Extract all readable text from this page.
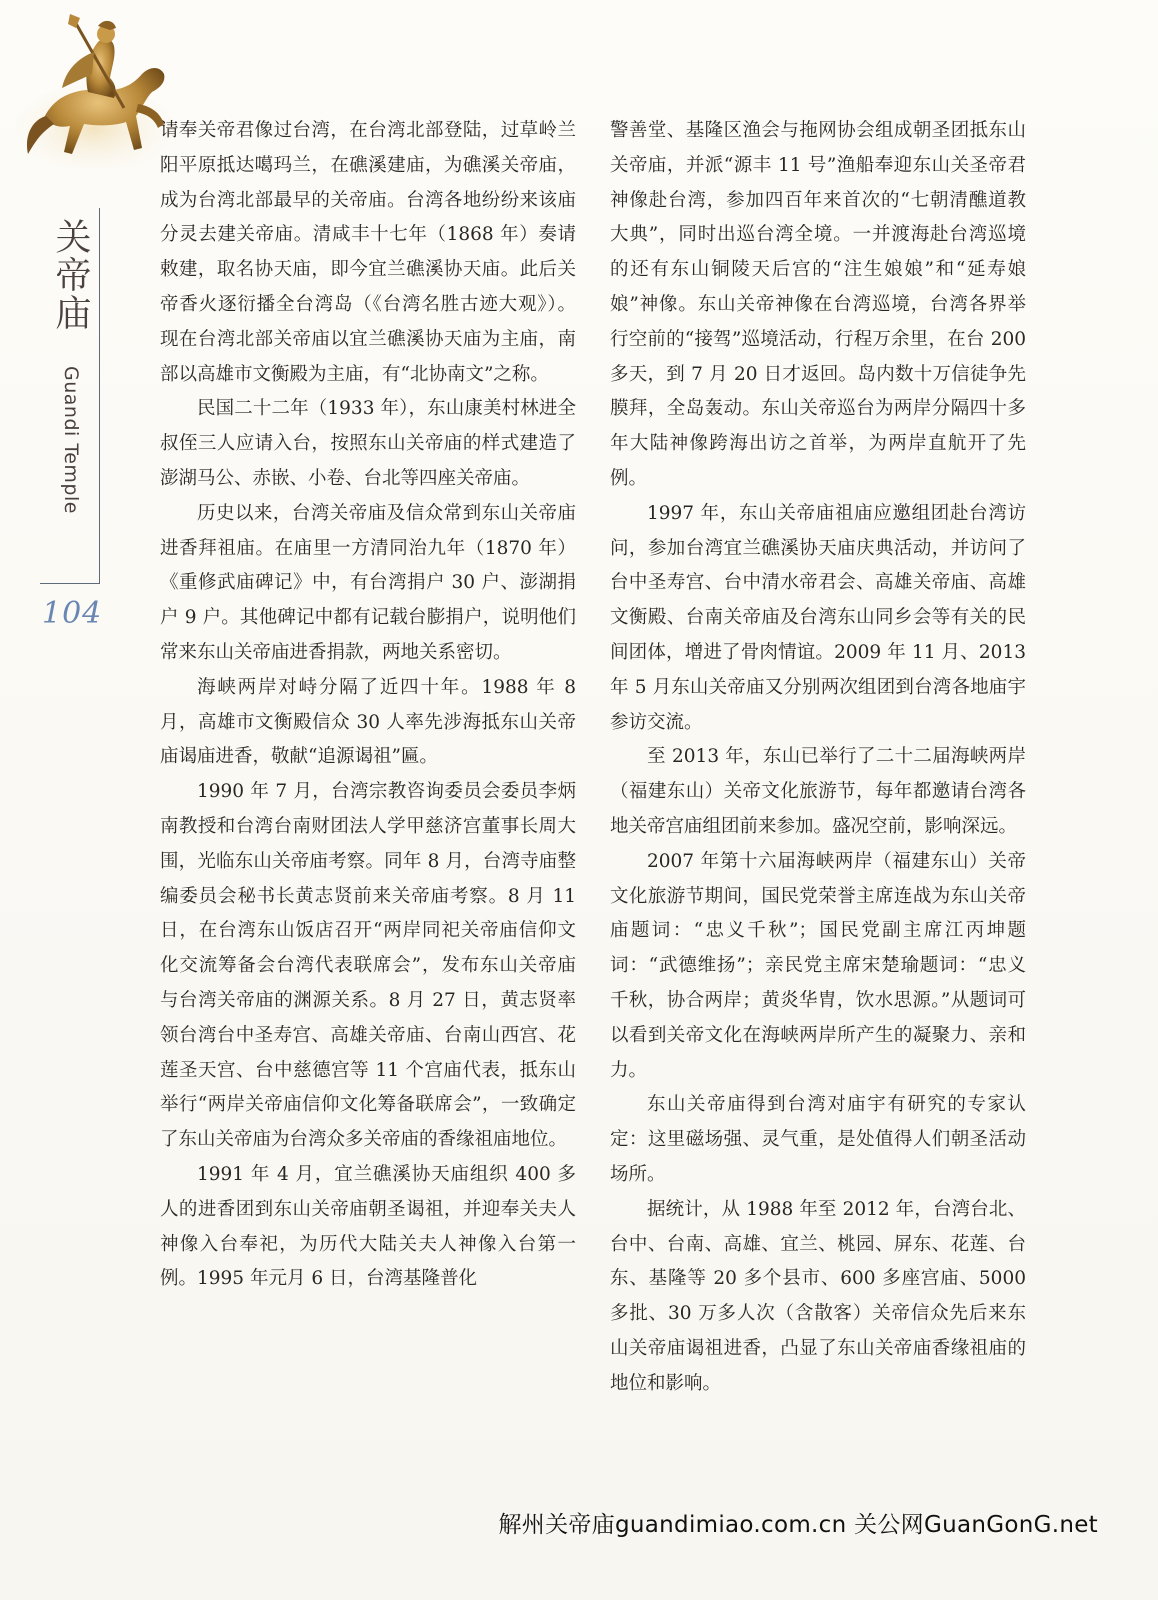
关帝庙
Guandi Temple
104

请奉关帝君像过台湾，在台湾北部登陆，过草岭兰阳平原抵达噶玛兰，在礁溪建庙，为礁溪关帝庙，成为台湾北部最早的关帝庙。台湾各地纷纷来该庙分灵去建关帝庙。清咸丰十七年（1868 年）奏请敕建，取名协天庙，即今宜兰礁溪协天庙。此后关帝香火逐衍播全台湾岛（《台湾名胜古迹大观》）。现在台湾北部关帝庙以宜兰礁溪协天庙为主庙，南部以高雄市文衡殿为主庙，有“北协南文”之称。

民国二十二年（1933 年），东山康美村林进全叔侄三人应请入台，按照东山关帝庙的样式建造了澎湖马公、赤嵌、小卷、台北等四座关帝庙。

历史以来，台湾关帝庙及信众常到东山关帝庙进香拜祖庙。在庙里一方清同治九年（1870 年）《重修武庙碑记》中，有台湾捐户 30 户、澎湖捐户 9 户。其他碑记中都有记载台膨捐户，说明他们常来东山关帝庙进香捐款，两地关系密切。

海峡两岸对峙分隔了近四十年。1988 年 8 月，高雄市文衡殿信众 30 人率先涉海抵东山关帝庙谒庙进香，敬献“追源谒祖”匾。

1990 年 7 月，台湾宗教咨询委员会委员李炳南教授和台湾台南财团法人学甲慈济宫董事长周大围，光临东山关帝庙考察。同年 8 月，台湾寺庙整编委员会秘书长黄志贤前来关帝庙考察。8 月 11 日，在台湾东山饭店召开“两岸同祀关帝庙信仰文化交流筹备会台湾代表联席会”，发布东山关帝庙与台湾关帝庙的渊源关系。8 月 27 日，黄志贤率领台湾台中圣寿宫、高雄关帝庙、台南山西宫、花莲圣天宫、台中慈德宫等 11 个宫庙代表，抵东山举行“两岸关帝庙信仰文化筹备联席会”，一致确定了东山关帝庙为台湾众多关帝庙的香缘祖庙地位。

1991 年 4 月，宜兰礁溪协天庙组织 400 多人的进香团到东山关帝庙朝圣谒祖，并迎奉关夫人神像入台奉祀，为历代大陆关夫人神像入台第一例。1995 年元月 6 日，台湾基隆普化

警善堂、基隆区渔会与拖网协会组成朝圣团抵东山关帝庙，并派“源丰 11 号”渔船奉迎东山关圣帝君神像赴台湾，参加四百年来首次的“七朝清醮道教大典”，同时出巡台湾全境。一并渡海赴台湾巡境的还有东山铜陵天后宫的“注生娘娘”和“延寿娘娘”神像。东山关帝神像在台湾巡境，台湾各界举行空前的“接驾”巡境活动，行程万余里，在台 200 多天，到 7 月 20 日才返回。岛内数十万信徒争先膜拜，全岛轰动。东山关帝巡台为两岸分隔四十多年大陆神像跨海出访之首举，为两岸直航开了先例。

1997 年，东山关帝庙祖庙应邀组团赴台湾访问，参加台湾宜兰礁溪协天庙庆典活动，并访问了台中圣寿宫、台中清水帝君会、高雄关帝庙、高雄文衡殿、台南关帝庙及台湾东山同乡会等有关的民间团体，增进了骨肉情谊。2009 年 11 月、2013 年 5 月东山关帝庙又分别两次组团到台湾各地庙宇参访交流。

至 2013 年，东山已举行了二十二届海峡两岸（福建东山）关帝文化旅游节，每年都邀请台湾各地关帝宫庙组团前来参加。盛况空前，影响深远。

2007 年第十六届海峡两岸（福建东山）关帝文化旅游节期间，国民党荣誉主席连战为东山关帝庙题词：“忠义千秋”；国民党副主席江丙坤题词：“武德维扬”；亲民党主席宋楚瑜题词：“忠义千秋，协合两岸；黄炎华胄，饮水思源。”从题词可以看到关帝文化在海峡两岸所产生的凝聚力、亲和力。

东山关帝庙得到台湾对庙宇有研究的专家认定：这里磁场强、灵气重，是处值得人们朝圣活动场所。

据统计，从 1988 年至 2012 年，台湾台北、台中、台南、高雄、宜兰、桃园、屏东、花莲、台东、基隆等 20 多个县市、600 多座宫庙、5000 多批、30 万多人次（含散客）关帝信众先后来东山关帝庙谒祖进香，凸显了东山关帝庙香缘祖庙的地位和影响。

解州关帝庙guandimiao.com.cn 关公网GuanGonG.net
